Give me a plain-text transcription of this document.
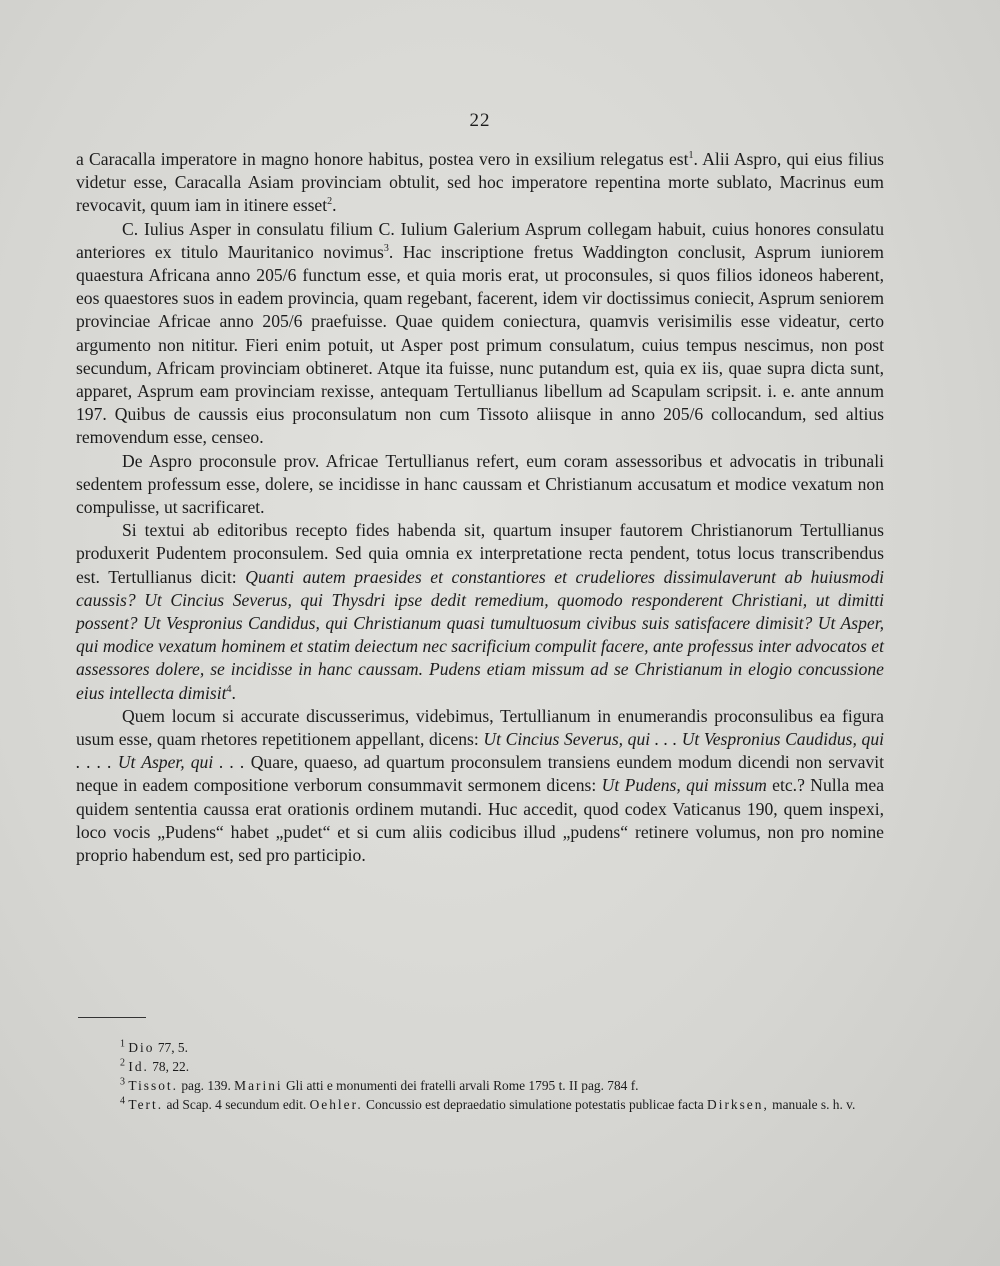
22

a Caracalla imperatore in magno honore habitus, postea vero in exsilium relegatus est$^1$. Alii Aspro, qui eius filius videtur esse, Caracalla Asiam provinciam obtulit, sed hoc imperatore repentina morte sublato, Macrinus eum revocavit, quum iam in itinere esset$^2$.

C. Iulius Asper in consulatu filium C. Iulium Galerium Asprum collegam habuit, cuius honores consulatu anteriores ex titulo Mauritanico novimus$^3$. Hac inscriptione fretus Waddington conclusit, Asprum iuniorem quaestura Africana anno 205/6 functum esse, et quia moris erat, ut proconsules, si quos filios idoneos haberent, eos quaestores suos in eadem provincia, quam regebant, facerent, idem vir doctissimus coniecit, Asprum seniorem provinciae Africae anno 205/6 praefuisse. Quae quidem coniectura, quamvis verisimilis esse videatur, certo argumento non nititur. Fieri enim potuit, ut Asper post primum consulatum, cuius tempus nescimus, non post secundum, Africam provinciam obtineret. Atque ita fuisse, nunc putandum est, quia ex iis, quae supra dicta sunt, apparet, Asprum eam provinciam rexisse, antequam Tertullianus libellum ad Scapulam scripsit. i. e. ante annum 197. Quibus de caussis eius proconsulatum non cum Tissoto aliisque in anno 205/6 collocandum, sed altius removendum esse, censeo.

De Aspro proconsule prov. Africae Tertullianus refert, eum coram assessoribus et advocatis in tribunali sedentem professum esse, dolere, se incidisse in hanc caussam et Christianum accusatum et modice vexatum non compulisse, ut sacrificaret.

Si textui ab editoribus recepto fides habenda sit, quartum insuper fautorem Christianorum Tertullianus produxerit Pudentem proconsulem. Sed quia omnia ex interpretatione recta pendent, totus locus transcribendus est. Tertullianus dicit: Quanti autem praesides et constantiores et crudeliores dissimulaverunt ab huiusmodi caussis? Ut Cincius Severus, qui Thysdri ipse dedit remedium, quomodo responderent Christiani, ut dimitti possent? Ut Vespronius Candidus, qui Christianum quasi tumultuosum civibus suis satisfacere dimisit? Ut Asper, qui modice vexatum hominem et statim deiectum nec sacrificium compulit facere, ante professus inter advocatos et assessores dolere, se incidisse in hanc caussam. Pudens etiam missum ad se Christianum in elogio concussione eius intellecta dimisit$^4$.

Quem locum si accurate discusserimus, videbimus, Tertullianum in enumerandis proconsulibus ea figura usum esse, quam rhetores repetitionem appellant, dicens: Ut Cincius Severus, qui . . . Ut Vespronius Caudidus, qui . . . . Ut Asper, qui . . . Quare, quaeso, ad quartum proconsulem transiens eundem modum dicendi non servavit neque in eadem compositione verborum consummavit sermonem dicens: Ut Pudens, qui missum etc.? Nulla mea quidem sententia caussa erat orationis ordinem mutandi. Huc accedit, quod codex Vaticanus 190, quem inspexi, loco vocis „Pudens“ habet „pudet“ et si cum aliis codicibus illud „pudens“ retinere volumus, non pro nomine proprio habendum est, sed pro participio.

$^1$ Dio 77, 5.

$^2$ Id. 78, 22.

$^3$ Tissot. pag. 139. Marini Gli atti e monumenti dei fratelli arvali Rome 1795 t. II pag. 784 f.

$^4$ Tert. ad Scap. 4 secundum edit. Oehler. Concussio est depraedatio simulatione potestatis publicae facta Dirksen, manuale s. h. v.
